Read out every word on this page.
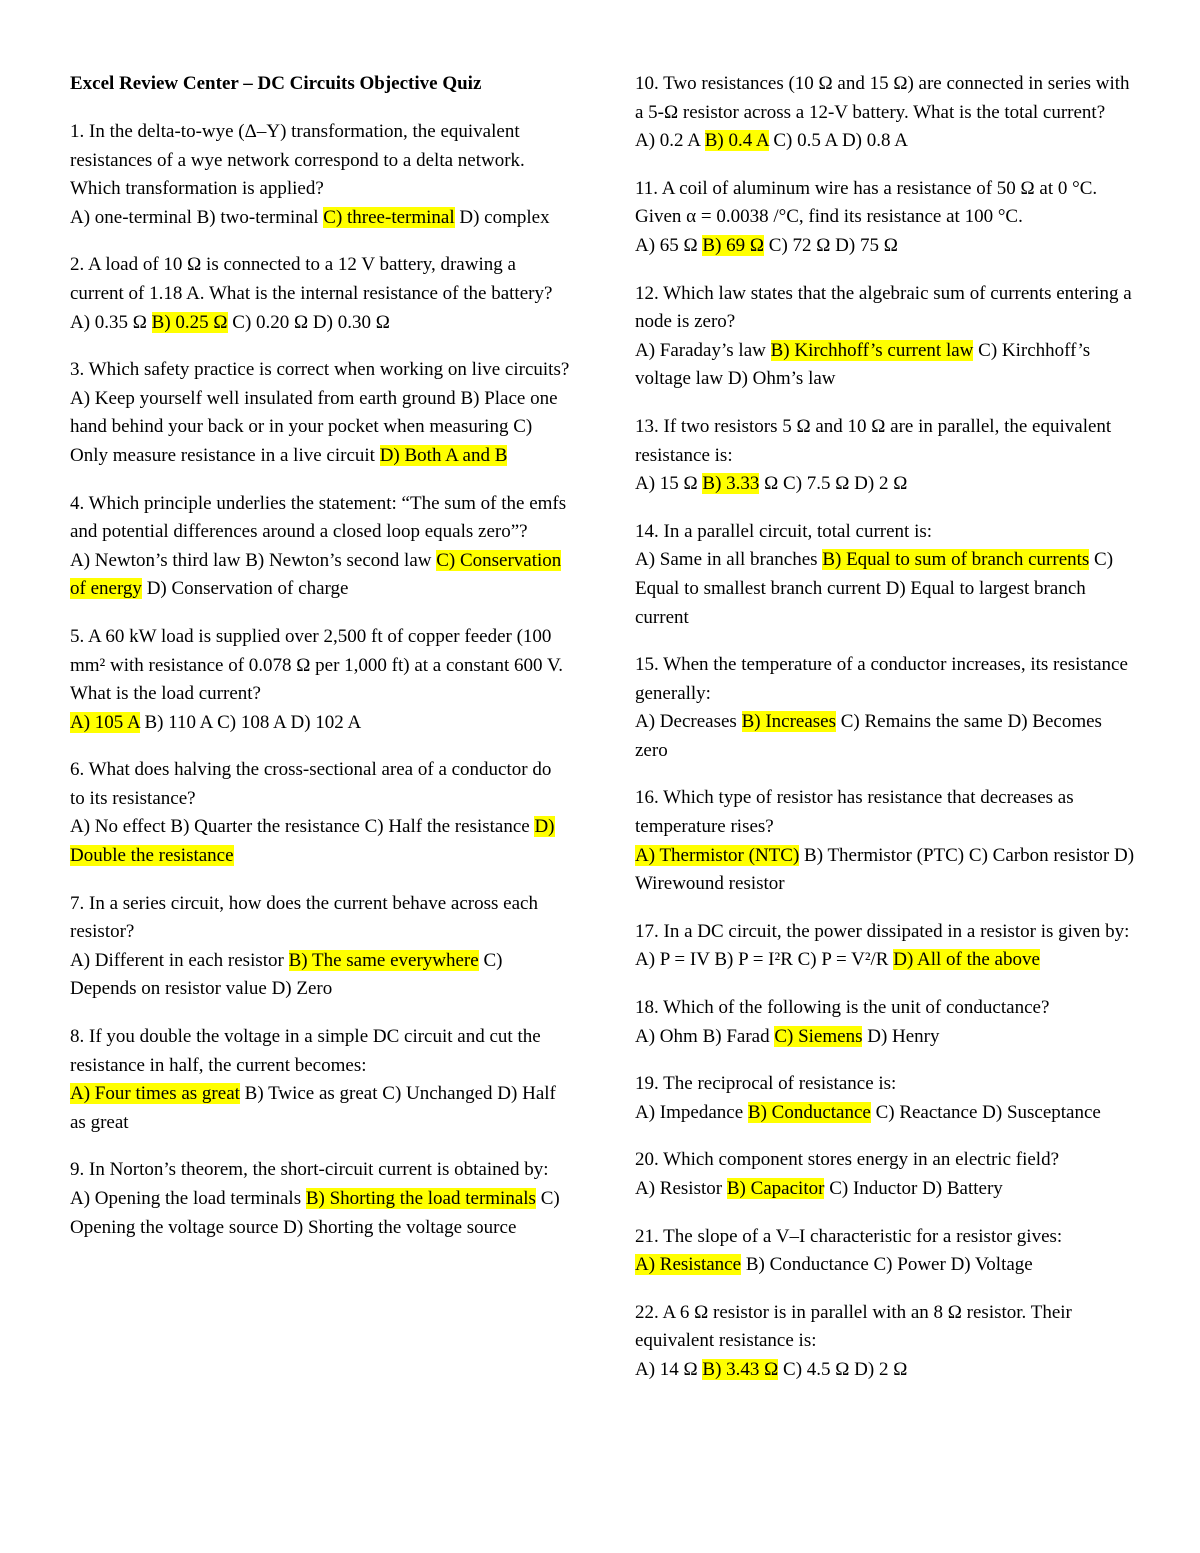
Excel Review Center – DC Circuits Objective Quiz
1. In the delta-to-wye (Δ–Y) transformation, the equivalent resistances of a wye network correspond to a delta network. Which transformation is applied?
A) one-terminal B) two-terminal C) three-terminal D) complex
2. A load of 10 Ω is connected to a 12 V battery, drawing a current of 1.18 A. What is the internal resistance of the battery?
A) 0.35 Ω B) 0.25 Ω C) 0.20 Ω D) 0.30 Ω
3. Which safety practice is correct when working on live circuits?
A) Keep yourself well insulated from earth ground B) Place one hand behind your back or in your pocket when measuring C) Only measure resistance in a live circuit D) Both A and B
4. Which principle underlies the statement: “The sum of the emfs and potential differences around a closed loop equals zero”?
A) Newton’s third law B) Newton’s second law C) Conservation of energy D) Conservation of charge
5. A 60 kW load is supplied over 2,500 ft of copper feeder (100 mm² with resistance of 0.078 Ω per 1,000 ft) at a constant 600 V. What is the load current?
A) 105 A B) 110 A C) 108 A D) 102 A
6. What does halving the cross-sectional area of a conductor do to its resistance?
A) No effect B) Quarter the resistance C) Half the resistance D) Double the resistance
7. In a series circuit, how does the current behave across each resistor?
A) Different in each resistor B) The same everywhere C) Depends on resistor value D) Zero
8. If you double the voltage in a simple DC circuit and cut the resistance in half, the current becomes:
A) Four times as great B) Twice as great C) Unchanged D) Half as great
9. In Norton’s theorem, the short-circuit current is obtained by:
A) Opening the load terminals B) Shorting the load terminals C) Opening the voltage source D) Shorting the voltage source
10. Two resistances (10 Ω and 15 Ω) are connected in series with a 5-Ω resistor across a 12-V battery. What is the total current?
A) 0.2 A B) 0.4 A C) 0.5 A D) 0.8 A
11. A coil of aluminum wire has a resistance of 50 Ω at 0 °C. Given α = 0.0038 /°C, find its resistance at 100 °C.
A) 65 Ω B) 69 Ω C) 72 Ω D) 75 Ω
12. Which law states that the algebraic sum of currents entering a node is zero?
A) Faraday’s law B) Kirchhoff’s current law C) Kirchhoff’s voltage law D) Ohm’s law
13. If two resistors 5 Ω and 10 Ω are in parallel, the equivalent resistance is:
A) 15 Ω B) 3.33 Ω C) 7.5 Ω D) 2 Ω
14. In a parallel circuit, total current is:
A) Same in all branches B) Equal to sum of branch currents C) Equal to smallest branch current D) Equal to largest branch current
15. When the temperature of a conductor increases, its resistance generally:
A) Decreases B) Increases C) Remains the same D) Becomes zero
16. Which type of resistor has resistance that decreases as temperature rises?
A) Thermistor (NTC) B) Thermistor (PTC) C) Carbon resistor D) Wirewound resistor
17. In a DC circuit, the power dissipated in a resistor is given by:
A) P = IV B) P = I²R C) P = V²/R D) All of the above
18. Which of the following is the unit of conductance?
A) Ohm B) Farad C) Siemens D) Henry
19. The reciprocal of resistance is:
A) Impedance B) Conductance C) Reactance D) Susceptance
20. Which component stores energy in an electric field?
A) Resistor B) Capacitor C) Inductor D) Battery
21. The slope of a V–I characteristic for a resistor gives:
A) Resistance B) Conductance C) Power D) Voltage
22. A 6 Ω resistor is in parallel with an 8 Ω resistor. Their equivalent resistance is:
A) 14 Ω B) 3.43 Ω C) 4.5 Ω D) 2 Ω
